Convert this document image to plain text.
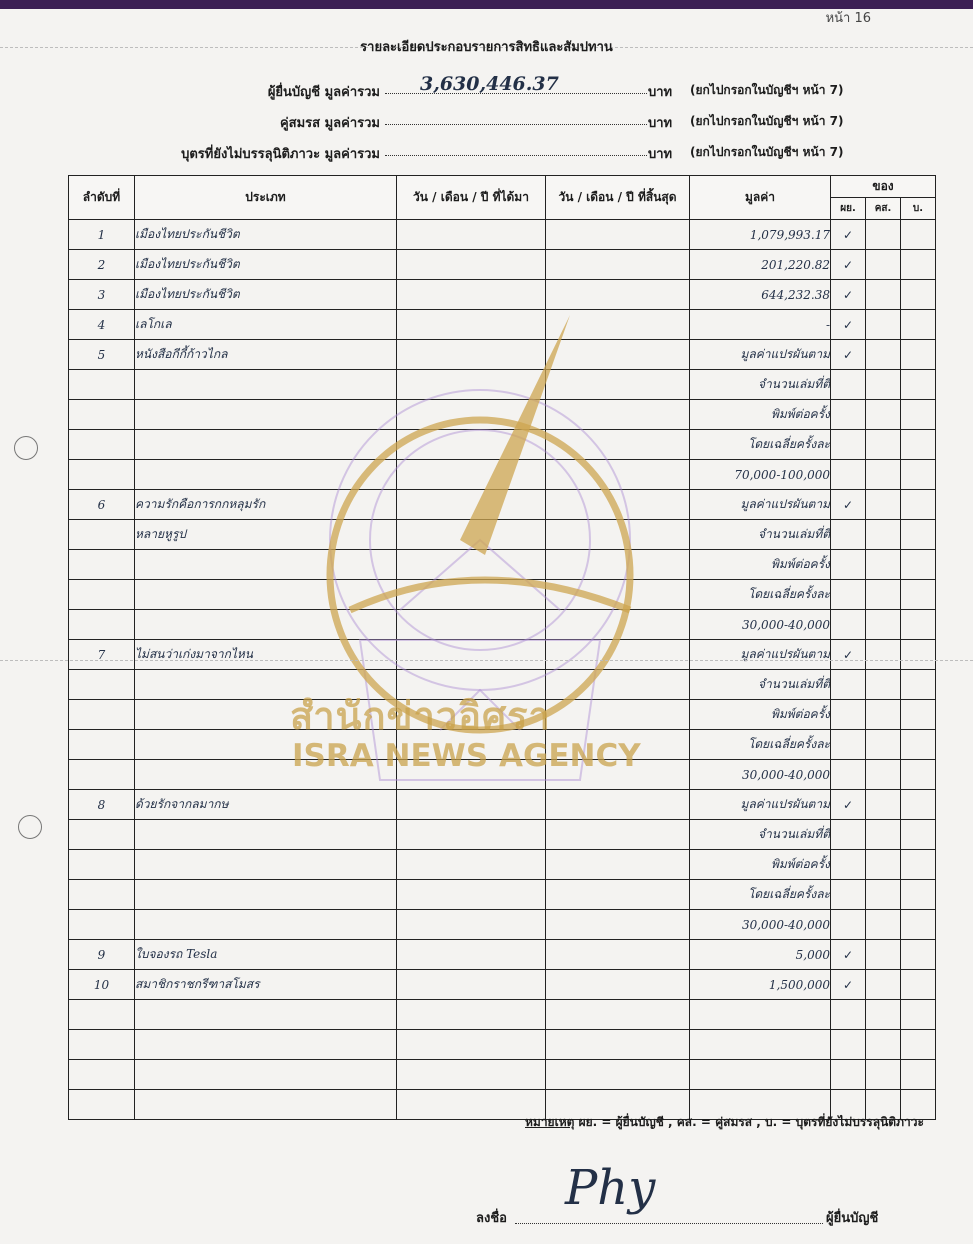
หน้า 16
รายละเอียดประกอบรายการสิทธิและสัมปทาน
ผู้ยื่นบัญชี มูลค่ารวม 3,630,446.37	บาท (ยกไปกรอกในบัญชีฯ หน้า 7)
คู่สมรส มูลค่ารวม	บาท (ยกไปกรอกในบัญชีฯ หน้า 7)
บุตรที่ยังไม่บรรลุนิติภาวะ มูลค่ารวม	บาท (ยกไปกรอกในบัญชีฯ หน้า 7)
ลำดับที่	ประเภท	วัน / เดือน / ปี ที่ได้มา	วัน / เดือน / ปี ที่สิ้นสุด	มูลค่า	ของ		
					ผย.	คส.	บ.
1	เมืองไทยประกันชีวิต			1,079,993.17	✓		
2	เมืองไทยประกันชีวิต			201,220.82	✓		
3	เมืองไทยประกันชีวิต			644,232.38	✓		
4	เลโกเล			-	✓		
5	หนังสือกีกี้ก้าวไกล			มูลค่าแปรผันตาม	✓		
				จำนวนเล่มที่ตี			
				พิมพ์ต่อครั้ง			
				โดยเฉลี่ยครั้งละ			
				70,000-100,000			
6	ความรักคือการกกหลุมรัก			มูลค่าแปรผันตาม	✓		
	หลายหูรูป			จำนวนเล่มที่ตี			
				พิมพ์ต่อครั้ง			
				โดยเฉลี่ยครั้งละ			
				30,000-40,000			
7	ไม่สนว่าเก่งมาจากไหน			มูลค่าแปรผันตาม	✓		
				จำนวนเล่มที่ตี			
				พิมพ์ต่อครั้ง			
				โดยเฉลี่ยครั้งละ			
				30,000-40,000			
8	ด้วยรักจากลมากษ			มูลค่าแปรผันตาม	✓		
				จำนวนเล่มที่ตี			
				พิมพ์ต่อครั้ง			
				โดยเฉลี่ยครั้งละ			
				30,000-40,000			
9	ใบจองรถ Tesla			5,000	✓		
10	สมาชิกราชกรีฑาสโมสร			1,500,000	✓		

สำนักข่าวอิศรา
ISRA NEWS AGENCY
หมายเหตุ ผย. = ผู้ยื่นบัญชี , คส. = คู่สมรส , บ. = บุตรที่ยังไม่บรรลุนิติภาวะ
ลงชื่อ
Phy
ผู้ยื่นบัญชี
